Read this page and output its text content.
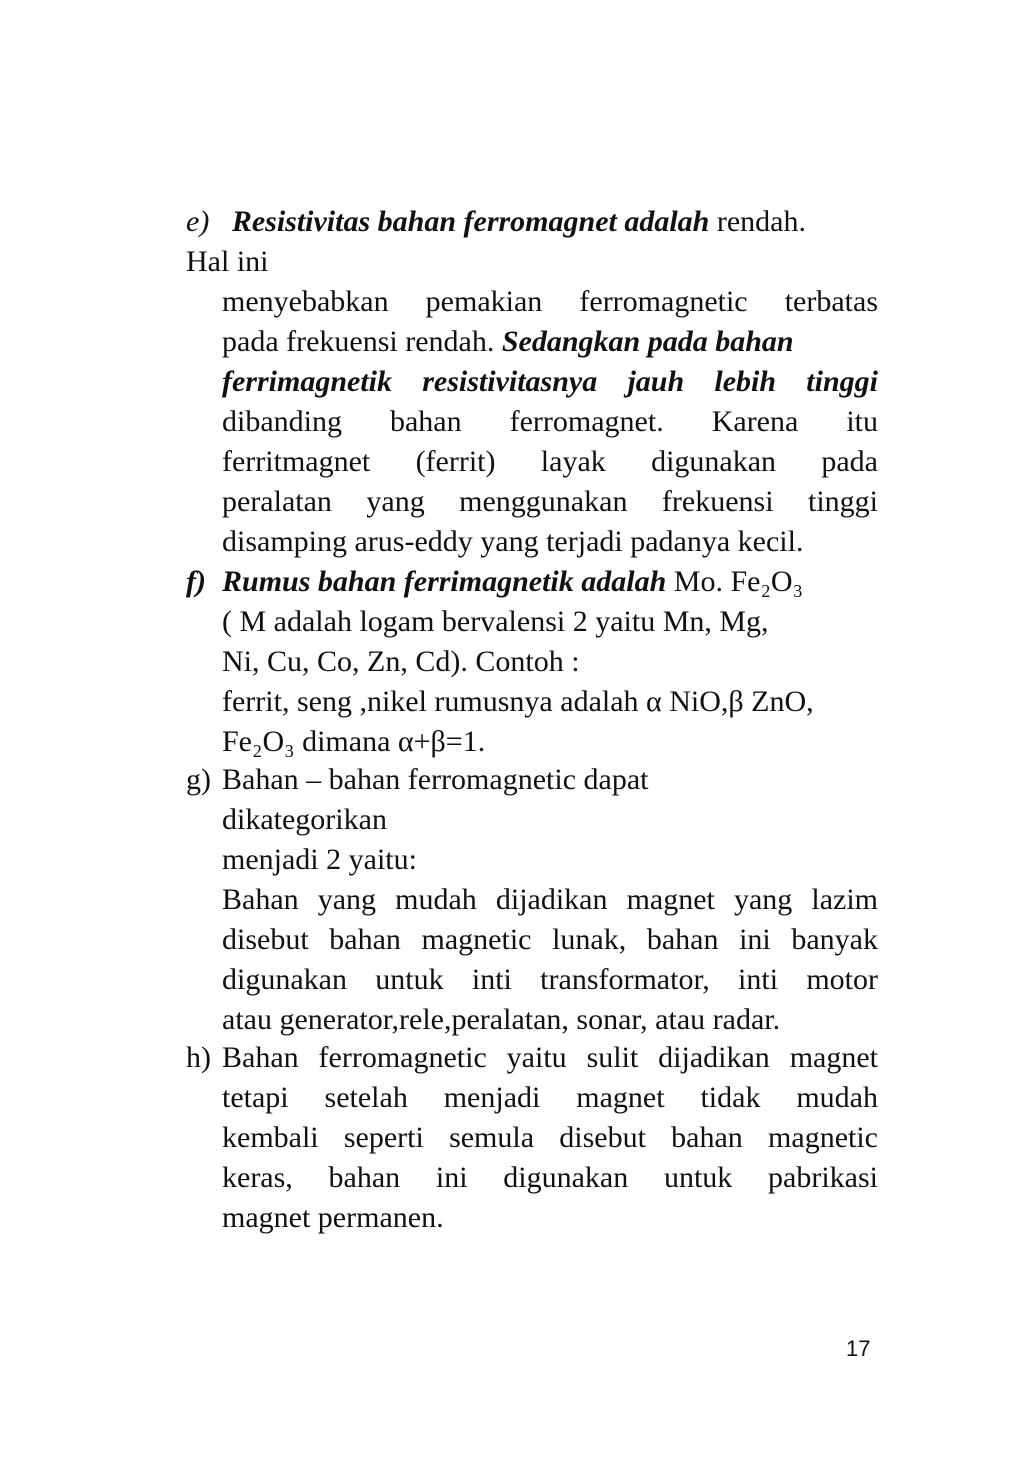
e) Resistivitas bahan ferromagnet adalah rendah.
Hal ini
menyebabkan pemakian ferromagnetic terbatas
pada frekuensi rendah. Sedangkan pada bahan
ferrimagnetik resistivitasnya jauh lebih tinggi
dibanding bahan ferromagnet. Karena itu
ferritmagnet (ferrit) layak digunakan pada
peralatan yang menggunakan frekuensi tinggi
disamping arus-eddy yang terjadi padanya kecil.
f) Rumus bahan ferrimagnetik adalah Mo. Fe₂O₃
( M adalah logam bervalensi 2 yaitu Mn, Mg,
Ni, Cu, Co, Zn, Cd). Contoh :
ferrit, seng ,nikel rumusnya adalah α NiO,β ZnO,
Fe₂O₃ dimana α+β=1.
g) Bahan – bahan ferromagnetic dapat
dikategorikan
menjadi 2 yaitu:
Bahan yang mudah dijadikan magnet yang lazim
disebut bahan magnetic lunak, bahan ini banyak
digunakan untuk inti transformator, inti motor
atau generator,rele,peralatan, sonar, atau radar.
h) Bahan ferromagnetic yaitu sulit dijadikan magnet
tetapi setelah menjadi magnet tidak mudah
kembali seperti semula disebut bahan magnetic
keras, bahan ini digunakan untuk pabrikasi
magnet permanen.
17
